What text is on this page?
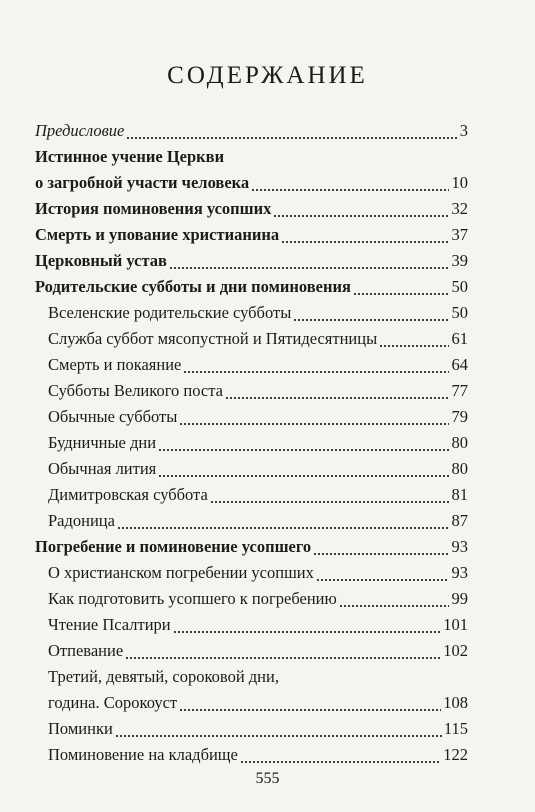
СОДЕРЖАНИЕ
Предисловие	3
Истинное учение Церкви
о загробной участи человека	10
История поминовения усопших	32
Смерть и упование христианина	37
Церковный устав	39
Родительские субботы и дни поминовения	50
Вселенские родительские субботы	50
Служба суббот мясопустной и Пятидесятницы	61
Смерть и покаяние	64
Субботы Великого поста	77
Обычные субботы	79
Будничные дни	80
Обычная лития	80
Димитровская суббота	81
Радоница	87
Погребение и поминовение усопшего	93
О христианском погребении усопших	93
Как подготовить усопшего к погребению	99
Чтение Псалтири	101
Отпевание	102
Третий, девятый, сороковой дни,
година. Сорокоуст	108
Поминки	115
Поминовение на кладбище	122
555
